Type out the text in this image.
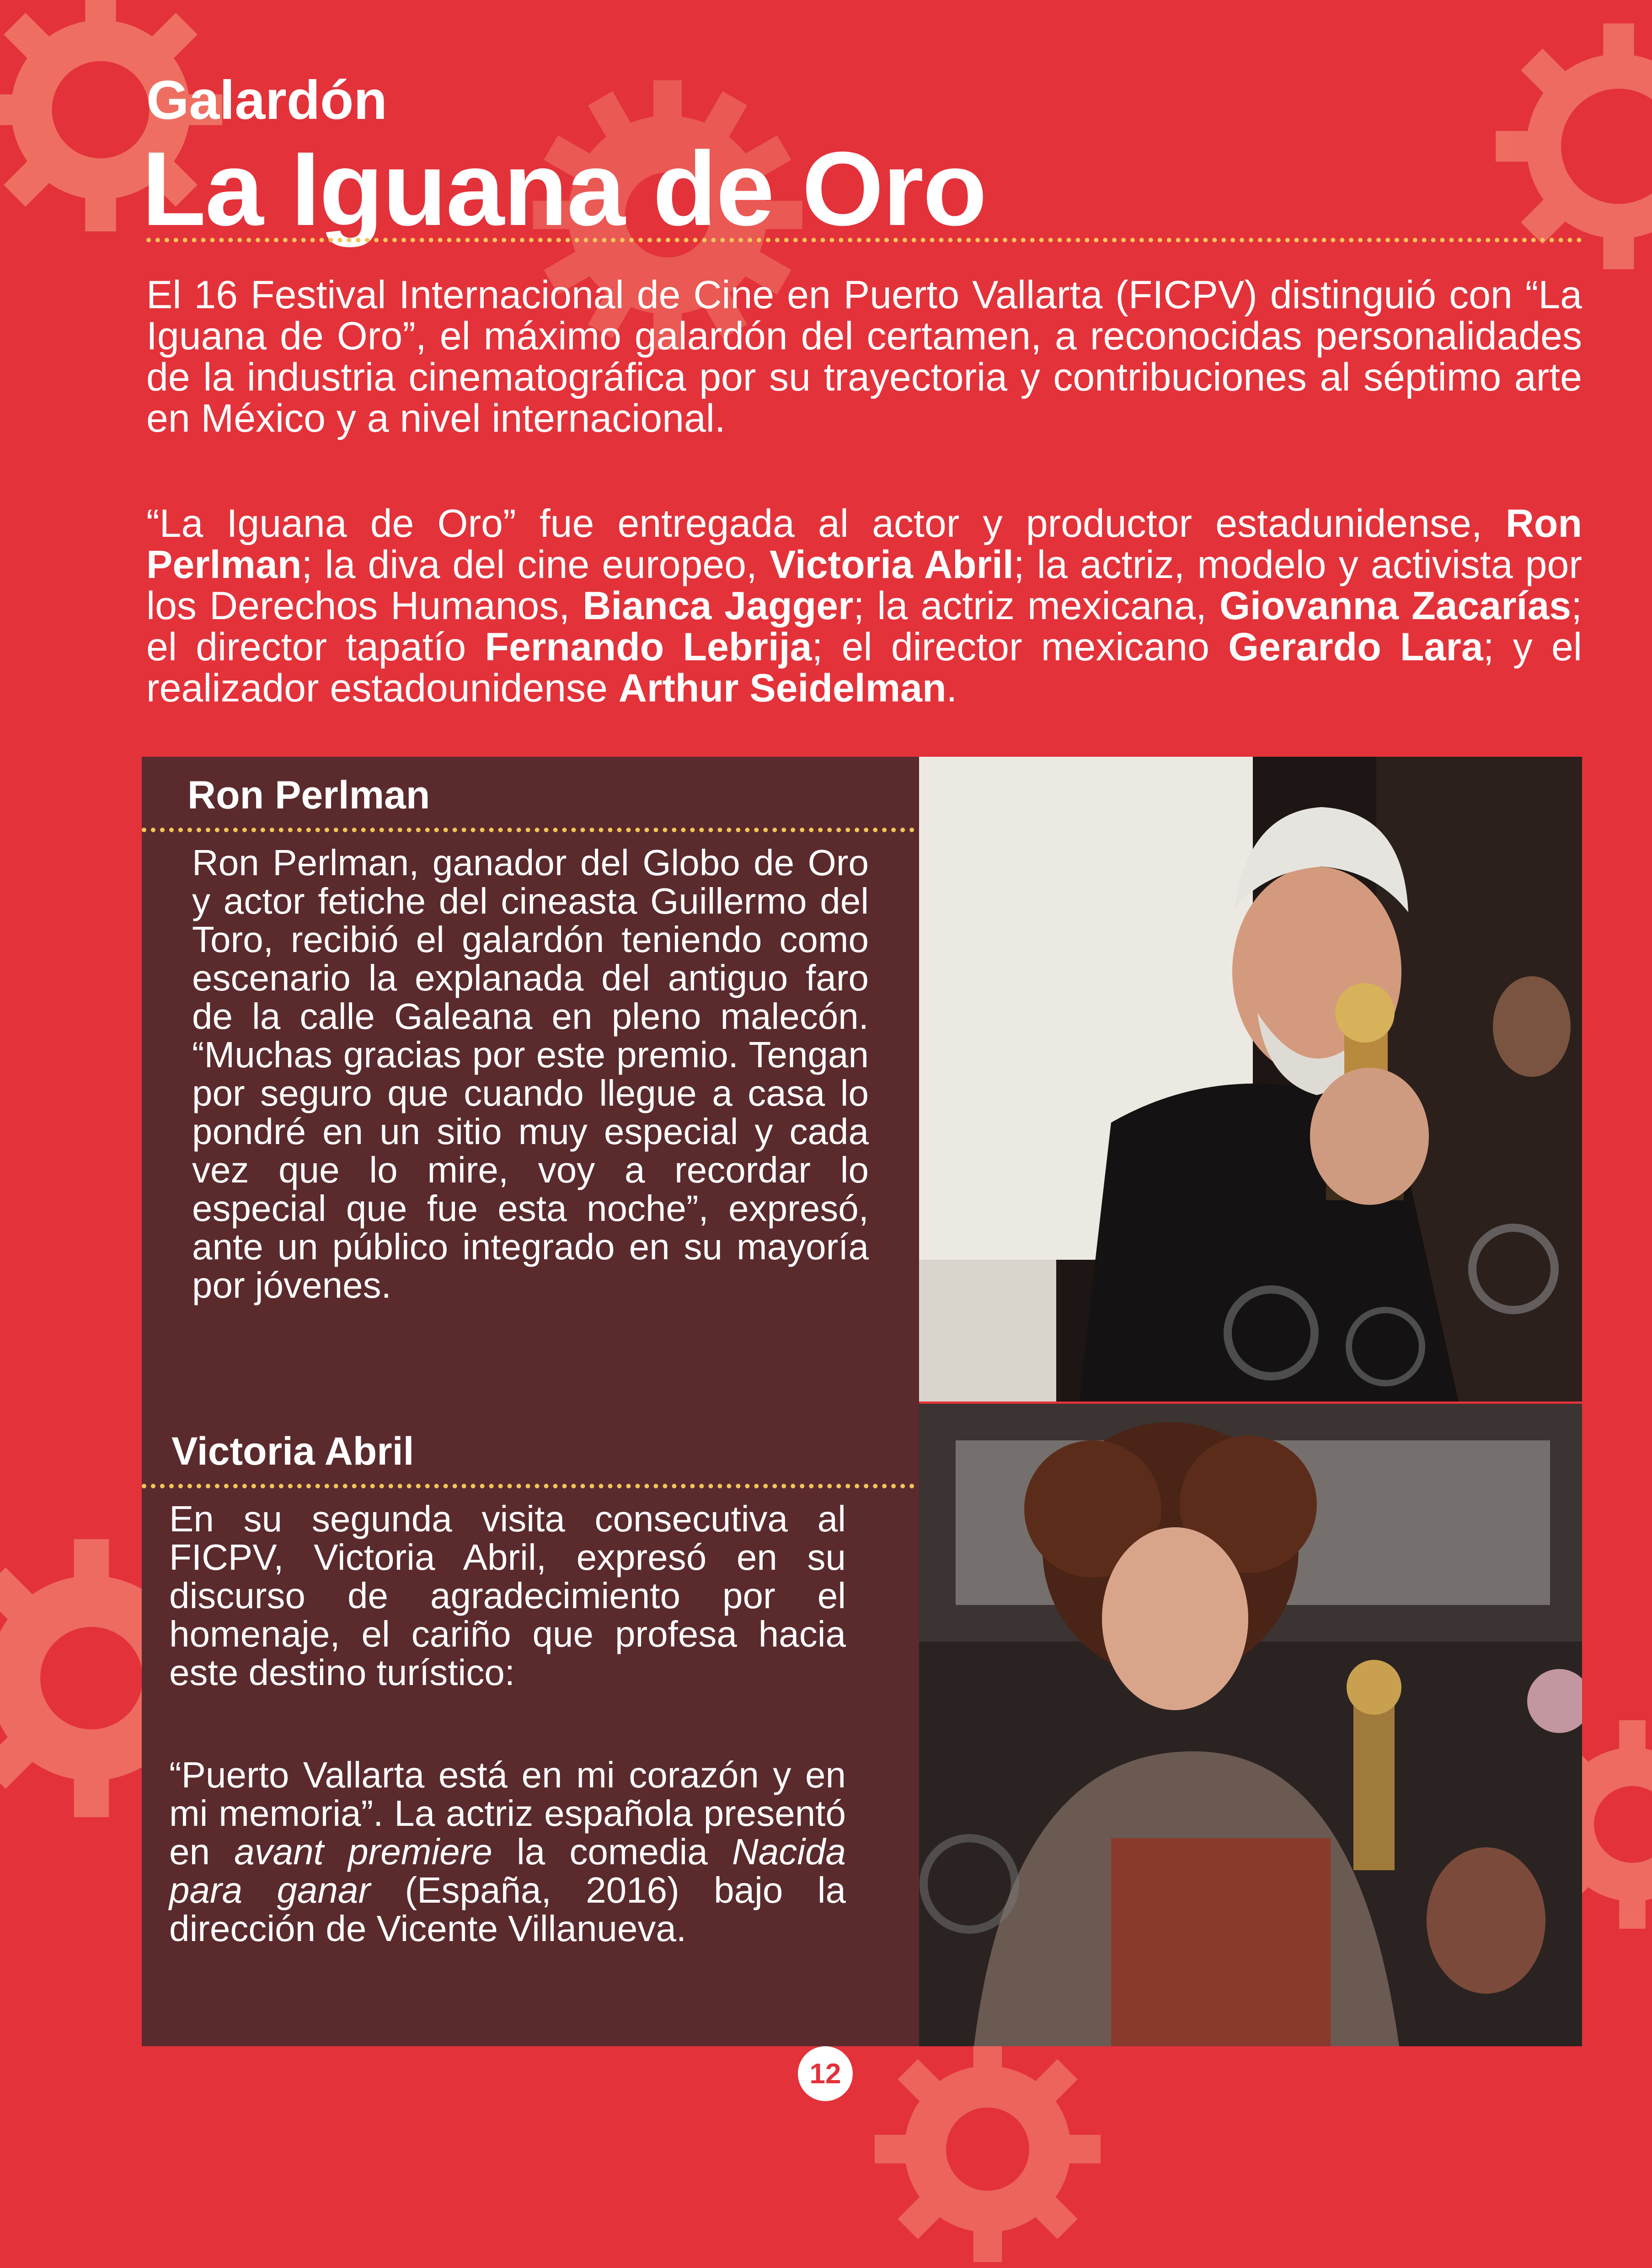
Galardón
La Iguana de Oro
El 16 Festival Internacional de Cine en Puerto Vallarta (FICPV) distinguió con “La Iguana de Oro”, el máximo galardón del certamen, a reconocidas personalidades de la industria cinematográfica por su trayectoria y contribuciones al séptimo arte en México y a nivel internacional.
“La Iguana de Oro” fue entregada al actor y productor estadunidense, Ron Perlman; la diva del cine europeo, Victoria Abril; la actriz, modelo y activista por los Derechos Humanos, Bianca Jagger; la actriz mexicana, Giovanna Zacarías; el director tapatío Fernando Lebrija; el director mexicano Gerardo Lara; y el realizador estadounidense Arthur Seidelman.
Ron Perlman
Ron Perlman, ganador del Globo de Oro y actor fetiche del cineasta Guillermo del Toro, recibió el galardón teniendo como escenario la explanada del antiguo faro de la calle Galeana en pleno malecón. “Muchas gracias por este premio. Tengan por seguro que cuando llegue a casa lo pondré en un sitio muy especial y cada vez que lo mire, voy a recordar lo especial que fue esta noche”, expresó, ante un público integrado en su mayoría por jóvenes.
Victoria Abril
En su segunda visita consecutiva al FICPV, Victoria Abril, expresó en su discurso de agradecimiento por el homenaje, el cariño que profesa hacia este destino turístico:
“Puerto Vallarta está en mi corazón y en mi memoria”. La actriz española presentó en avant premiere la comedia Nacida para ganar (España, 2016) bajo la dirección de Vicente Villanueva.
12
